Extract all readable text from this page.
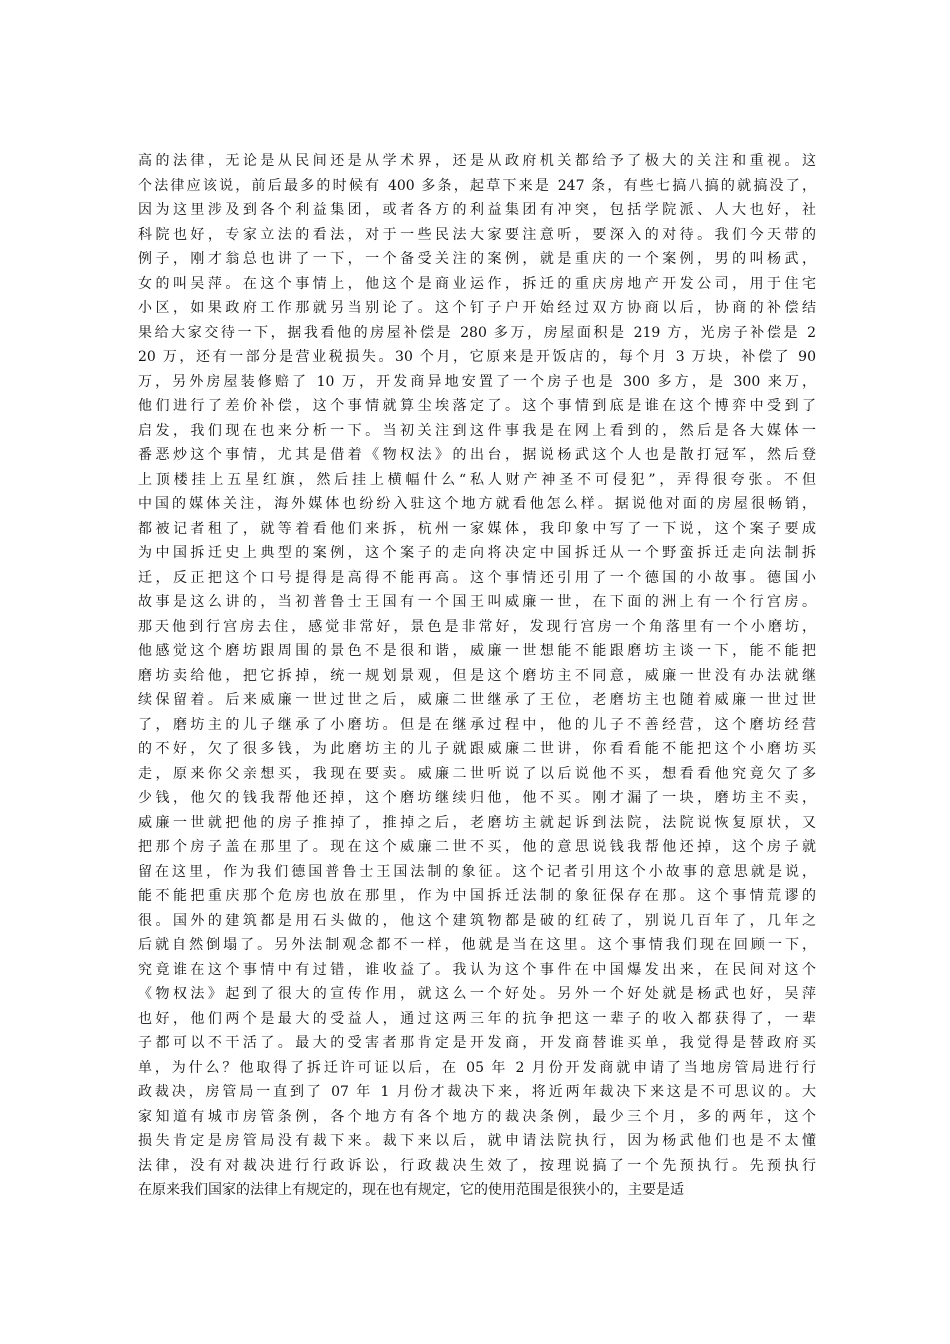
高的法律，无论是从民间还是从学术界，还是从政府机关都给予了极大的关注和重视。这
个法律应该说，前后最多的时候有 400 多条，起草下来是 247 条，有些七搞八搞的就搞没了，
因为这里涉及到各个利益集团，或者各方的利益集团有冲突，包括学院派、人大也好，社
科院也好，专家立法的看法，对于一些民法大家要注意听，要深入的对待。我们今天带的
例子，刚才翁总也讲了一下，一个备受关注的案例，就是重庆的一个案例，男的叫杨武，
女的叫吴萍。在这个事情上，他这个是商业运作，拆迁的重庆房地产开发公司，用于住宅
小区，如果政府工作那就另当别论了。这个钉子户开始经过双方协商以后，协商的补偿结
果给大家交待一下，据我看他的房屋补偿是 280 多万，房屋面积是 219 方，光房子补偿是 2
20 万，还有一部分是营业税损失。30 个月，它原来是开饭店的，每个月 3 万块，补偿了 90
万，另外房屋装修赔了 10 万，开发商异地安置了一个房子也是 300 多方，是 300 来万，
他们进行了差价补偿，这个事情就算尘埃落定了。这个事情到底是谁在这个博弈中受到了
启发，我们现在也来分析一下。当初关注到这件事我是在网上看到的，然后是各大媒体一
番恶炒这个事情，尤其是借着《物权法》的出台，据说杨武这个人也是散打冠军，然后登
上顶楼挂上五星红旗，然后挂上横幅什么“私人财产神圣不可侵犯”，弄得很夸张。不但
中国的媒体关注，海外媒体也纷纷入驻这个地方就看他怎么样。据说他对面的房屋很畅销，
都被记者租了，就等着看他们来拆，杭州一家媒体，我印象中写了一下说，这个案子要成
为中国拆迁史上典型的案例，这个案子的走向将决定中国拆迁从一个野蛮拆迁走向法制拆
迁，反正把这个口号提得是高得不能再高。这个事情还引用了一个德国的小故事。德国小
故事是这么讲的，当初普鲁士王国有一个国王叫威廉一世，在下面的洲上有一个行宫房。
那天他到行宫房去住，感觉非常好，景色是非常好，发现行宫房一个角落里有一个小磨坊，
他感觉这个磨坊跟周围的景色不是很和谐，威廉一世想能不能跟磨坊主谈一下，能不能把
磨坊卖给他，把它拆掉，统一规划景观，但是这个磨坊主不同意，威廉一世没有办法就继
续保留着。后来威廉一世过世之后，威廉二世继承了王位，老磨坊主也随着威廉一世过世
了，磨坊主的儿子继承了小磨坊。但是在继承过程中，他的儿子不善经营，这个磨坊经营
的不好，欠了很多钱，为此磨坊主的儿子就跟威廉二世讲，你看看能不能把这个小磨坊买
走，原来你父亲想买，我现在要卖。威廉二世听说了以后说他不买，想看看他究竟欠了多
少钱，他欠的钱我帮他还掉，这个磨坊继续归他，他不买。刚才漏了一块，磨坊主不卖，
威廉一世就把他的房子推掉了，推掉之后，老磨坊主就起诉到法院，法院说恢复原状，又
把那个房子盖在那里了。现在这个威廉二世不买，他的意思说钱我帮他还掉，这个房子就
留在这里，作为我们德国普鲁士王国法制的象征。这个记者引用这个小故事的意思就是说，
能不能把重庆那个危房也放在那里，作为中国拆迁法制的象征保存在那。这个事情荒谬的
很。国外的建筑都是用石头做的，他这个建筑物都是破的红砖了，别说几百年了，几年之
后就自然倒塌了。另外法制观念都不一样，他就是当在这里。这个事情我们现在回顾一下，
究竟谁在这个事情中有过错，谁收益了。我认为这个事件在中国爆发出来，在民间对这个
《物权法》起到了很大的宣传作用，就这么一个好处。另外一个好处就是杨武也好，吴萍
也好，他们两个是最大的受益人，通过这两三年的抗争把这一辈子的收入都获得了，一辈
子都可以不干活了。最大的受害者那肯定是开发商，开发商替谁买单，我觉得是替政府买
单，为什么？他取得了拆迁许可证以后，在 05 年 2 月份开发商就申请了当地房管局进行行
政裁决，房管局一直到了 07 年 1 月份才裁决下来，将近两年裁决下来这是不可思议的。大
家知道有城市房管条例，各个地方有各个地方的裁决条例，最少三个月，多的两年，这个
损失肯定是房管局没有裁下来。裁下来以后，就申请法院执行，因为杨武他们也是不太懂
法律，没有对裁决进行行政诉讼，行政裁决生效了，按理说搞了一个先预执行。先预执行
在原来我们国家的法律上有规定的，现在也有规定，它的使用范围是很狭小的，主要是适
